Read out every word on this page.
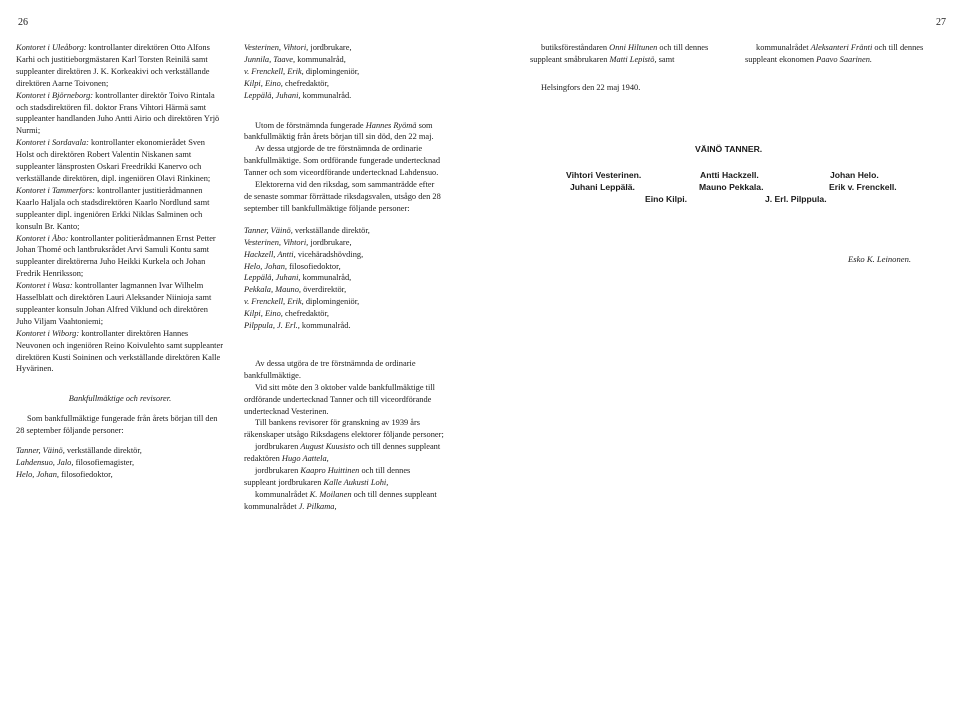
26	27

Kontoret i Uleåborg: kontrollanter direktören Otto Alfons Karhi och justitieborgmästaren Karl Torsten Reinilä samt suppleanter direktören J. K. Korkeakivi och verkställande direktören Aarne Toivonen;

Kontoret i Björneborg: kontrollanter direktör Toivo Rintala och stadsdirektören fil. doktor Frans Vihtori Härmä samt suppleanter handlanden Juho Antti Airio och direktören Yrjö Nurmi;

Kontoret i Sordavala: kontrollanter ekonomierådet Sven Holst och direktören Robert Valentin Niskanen samt suppleanter länsprosten Oskari Freedrikki Kanervo och verkställande direktören, dipl. ingeniören Olavi Rinkinen;

Kontoret i Tammerfors: kontrollanter justitierådmannen Kaarlo Haljala och stadsdirektören Kaarlo Nordlund samt suppleanter dipl. ingeniören Erkki Niklas Salminen och konsuln Br. Kanto;

Kontoret i Åbo: kontrollanter politierådmannen Ernst Petter Johan Thomé och lantbruksrådet Arvi Samuli Kontu samt suppleanter direktörerna Juho Heikki Kurkela och Johan Fredrik Henriksson;

Kontoret i Wasa: kontrollanter lagmannen Ivar Wilhelm Hasselblatt och direktören Lauri Aleksander Niinioja samt suppleanter konsuln Johan Alfred Viklund och direktören Juho Viljam Vaahtoniemi;

Kontoret i Wiborg: kontrollanter direktören Hannes Neuvonen och ingeniören Reino Koivulehto samt suppleanter direktören Kusti Soininen och verkställande direktören Kalle Hyvärinen.

Bankfullmäktige och revisorer.

Som bankfullmäktige fungerade från årets början till den 28 september följande personer:

Tanner, Väinö, verkställande direktör,
Lahdensuo, Jalo, filosofiemagister,
Helo, Johan, filosofiedoktor,
Vesterinen, Vihtori, jordbrukare,
Junnila, Taave, kommunalråd,
v. Frenckell, Erik, diplomingeniör,
Kilpi, Eino, chefredaktör,
Leppälä, Juhani, kommunalråd.

Utom de förstnämnda fungerade Hannes Ryömä som bankfullmäktig från årets början till sin död, den 22 maj.

Av dessa utgjorde de tre förstnämnda de ordinarie bankfullmäktige. Som ordförande fungerade undertecknad Tanner och som viceordförande undertecknad Lahdensuo.

Elektorerna vid den riksdag, som sammanträdde efter de senaste sommar förrättade riksdagsvalen, utsågo den 28 september till bankfullmäktige följande personer:

Tanner, Väinö, verkställande direktör,
Vesterinen, Vihtori, jordbrukare,
Hackzell, Antti, vicehäradshövding,
Helo, Johan, filosofiedoktor,
Leppälä, Juhani, kommunalråd,
Pekkala, Mauno, överdirektör,
v. Frenckell, Erik, diplomingeniör,
Kilpi, Eino, chefredaktör,
Pilppula, J. Erl., kommunalråd.

Av dessa utgöra de tre förstnämnda de ordinarie bankfullmäktige.

Vid sitt möte den 3 oktober valde bankfullmäktige till ordförande undertecknad Tanner och till viceordförande undertecknad Vesterinen.

Till bankens revisorer för granskning av 1939 års räkenskaper utsågo Riksdagens elektorer följande personer;

jordbrukaren August Kuusisto och till dennes suppleant redaktören Hugo Aattela,

jordbrukaren Kaapro Huittinen och till dennes suppleant jordbrukaren Kalle Aukusti Lohi,

kommunalrådet K. Moilanen och till dennes suppleant kommunalrådet J. Pilkama,

butiksföreståndaren Onni Hiltunen och till dennes suppleant småbrukaren Matti Lepistö, samt

Helsingfors den 22 maj 1940.

kommunalrådet Aleksanteri Fränti och till dennes suppleant ekonomen Paavo Saarinen.

VÄINÖ TANNER.
Vihtori Vesterinen.	Antti Hackzell.	Johan Helo.
Juhani Leppälä.	Mauno Pekkala.	Erik v. Frenckell.
Eino Kilpi.	J. Erl. Pilppula.
Esko K. Leinonen.
